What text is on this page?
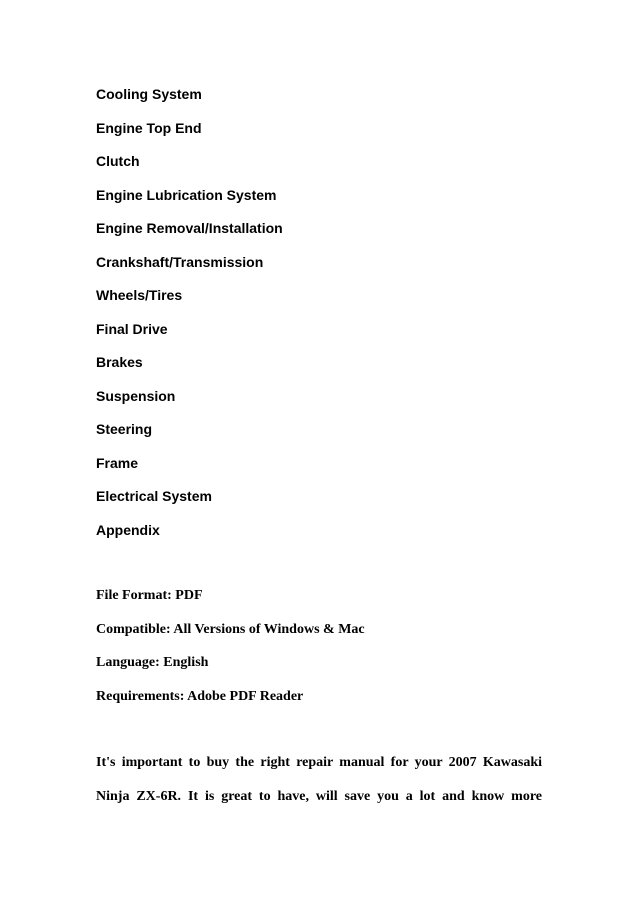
Cooling System
Engine Top End
Clutch
Engine Lubrication System
Engine Removal/Installation
Crankshaft/Transmission
Wheels/Tires
Final Drive
Brakes
Suspension
Steering
Frame
Electrical System
Appendix
File Format: PDF
Compatible: All Versions of Windows & Mac
Language: English
Requirements: Adobe PDF Reader
It's important to buy the right repair manual for your 2007 Kawasaki
Ninja ZX-6R. It is great to have, will save you a lot and know more
